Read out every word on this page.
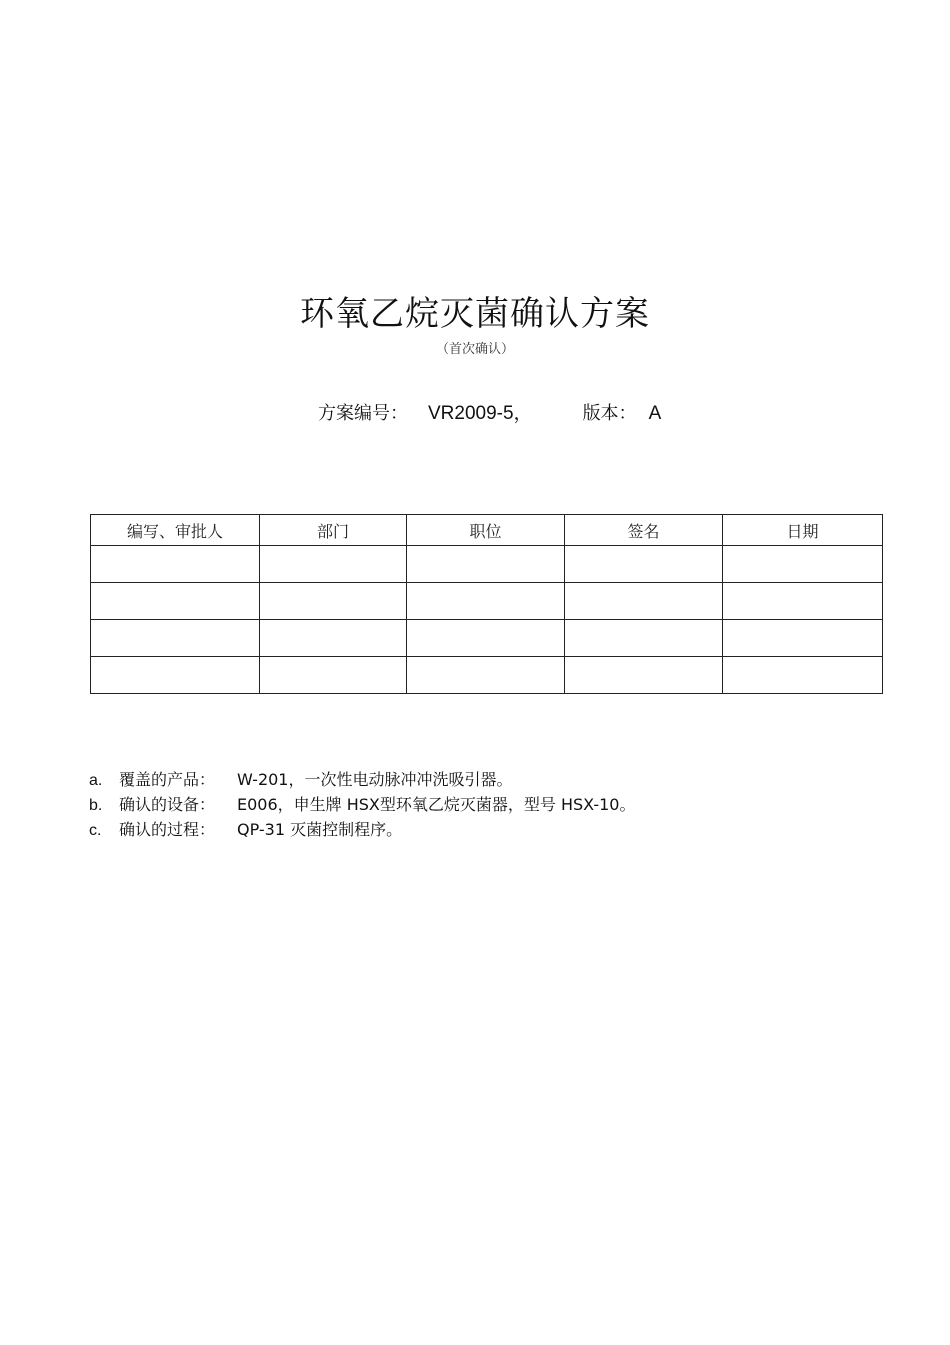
环氧乙烷灭菌确认方案
（首次确认）
方案编号： VR2009-5，	版本： A
编写、审批人	部门	职位	签名	日期

a. 覆盖的产品： W-201，一次性电动脉冲冲洗吸引器。
b. 确认的设备： E006，申生牌 HSX型环氧乙烷灭菌器，型号 HSX-10。
c. 确认的过程： QP-31 灭菌控制程序。
